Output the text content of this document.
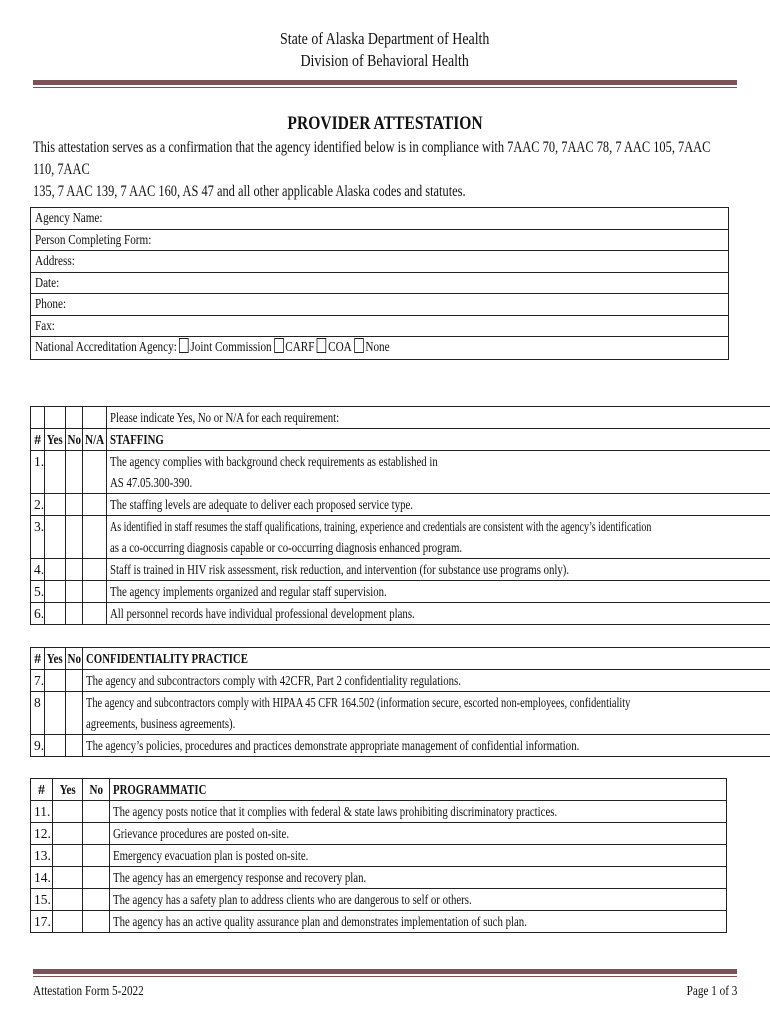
State of Alaska Department of Health
Division of Behavioral Health
PROVIDER ATTESTATION

This attestation serves as a confirmation that the agency identified below is in compliance with 7AAC 70, 7AAC 78, 7 AAC 105, 7AAC 110, 7AAC

135, 7 AAC 139, 7 AAC 160, AS 47 and all other applicable Alaska codes and statutes.

Agency Name:
Person Completing Form:
Address:
Date:
Phone:
Fax:
National Accreditation Agency: Joint Commission CARF COA None
				Please indicate Yes, No or N/A for each requirement:
#	Yes	No	N/A	STAFFING
1.				The agency complies with background check requirements as established in
AS 47.05.300-390.
2.				The staffing levels are adequate to deliver each proposed service type.
3.				As identified in staff resumes the staff qualifications, training, experience and credentials are consistent with the agency’s identification
as a co-occurring diagnosis capable or co-occurring diagnosis enhanced program.
4.				Staff is trained in HIV risk assessment, risk reduction, and intervention (for substance use programs only).
5.				The agency implements organized and regular staff supervision.
6.				All personnel records have individual professional development plans.
#	Yes	No	CONFIDENTIALITY PRACTICE
7.			The agency and subcontractors comply with 42CFR, Part 2 confidentiality regulations.
8			The agency and subcontractors comply with HIPAA 45 CFR 164.502 (information secure, escorted non-employees, confidentiality
agreements, business agreements).
9.			The agency’s policies, procedures and practices demonstrate appropriate management of confidential information.
#	Yes	No	PROGRAMMATIC
11.			The agency posts notice that it complies with federal & state laws prohibiting discriminatory practices.
12.			Grievance procedures are posted on-site.
13.			Emergency evacuation plan is posted on-site.
14.			The agency has an emergency response and recovery plan.
15.			The agency has a safety plan to address clients who are dangerous to self or others.
17.			The agency has an active quality assurance plan and demonstrates implementation of such plan.
Attestation Form 5-2022	Page 1 of 3
